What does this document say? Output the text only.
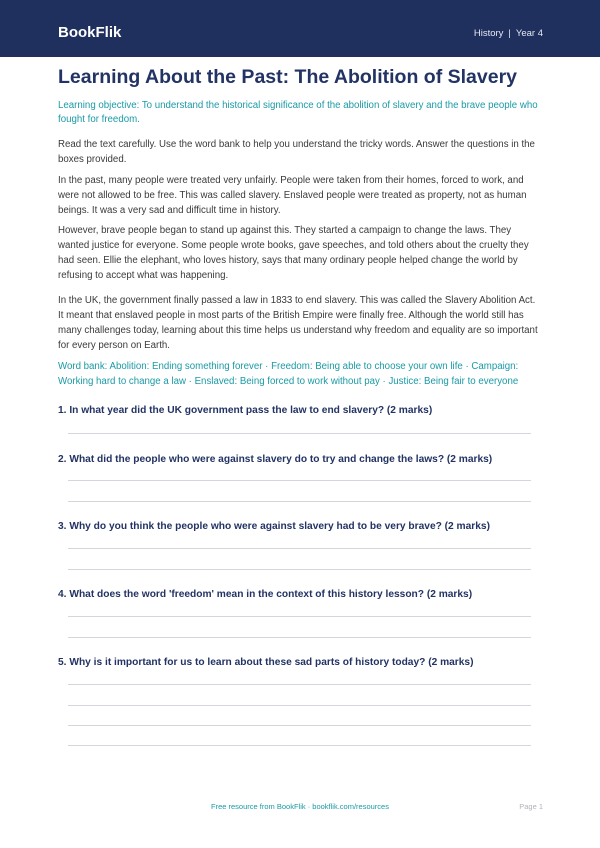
BookFlik	History | Year 4
Learning About the Past: The Abolition of Slavery
Learning objective: To understand the historical significance of the abolition of slavery and the brave people who fought for freedom.

Read the text carefully. Use the word bank to help you understand the tricky words. Answer the questions in the boxes provided.

In the past, many people were treated very unfairly. People were taken from their homes, forced to work, and were not allowed to be free. This was called slavery. Enslaved people were treated as property, not as human beings. It was a very sad and difficult time in history.

However, brave people began to stand up against this. They started a campaign to change the laws. They wanted justice for everyone. Some people wrote books, gave speeches, and told others about the cruelty they had seen. Ellie the elephant, who loves history, says that many ordinary people helped change the world by refusing to accept what was happening.

In the UK, the government finally passed a law in 1833 to end slavery. This was called the Slavery Abolition Act. It meant that enslaved people in most parts of the British Empire were finally free. Although the world still has many challenges today, learning about this time helps us understand why freedom and equality are so important for every person on Earth.

Word bank: Abolition: Ending something forever · Freedom: Being able to choose your own life · Campaign: Working hard to change a law · Enslaved: Being forced to work without pay · Justice: Being fair to everyone
1. In what year did the UK government pass the law to end slavery? (2 marks)
2. What did the people who were against slavery do to try and change the laws? (2 marks)
3. Why do you think the people who were against slavery had to be very brave? (2 marks)
4. What does the word 'freedom' mean in the context of this history lesson? (2 marks)
5. Why is it important for us to learn about these sad parts of history today? (2 marks)
Free resource from BookFlik · bookflik.com/resources	Page 1
